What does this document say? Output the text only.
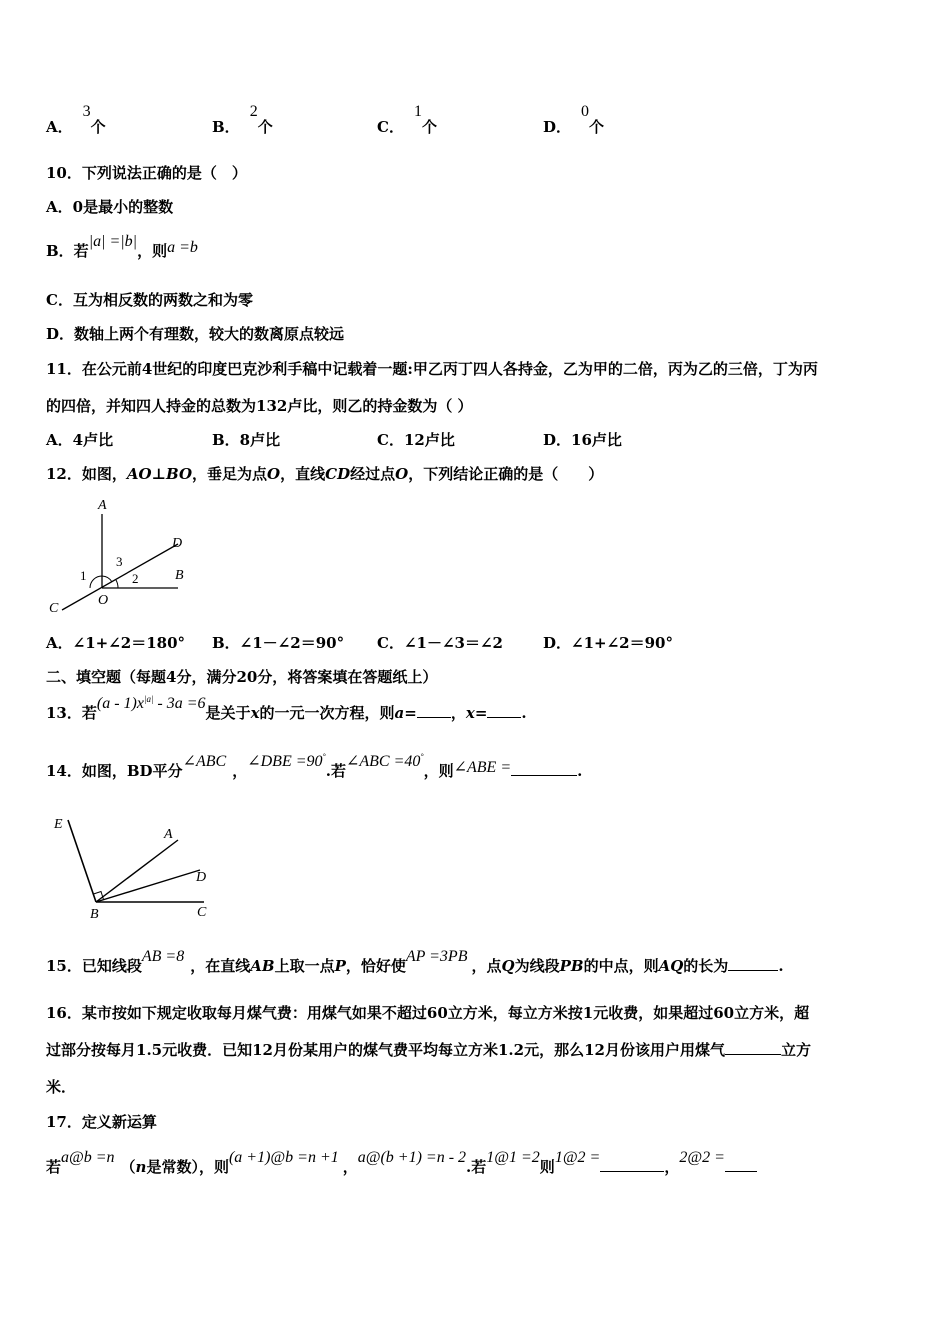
A．3个	B．2个	C．1个	D．0个
10．下列说法正确的是（　）
A．0是最小的整数
B．若|a| =|b|，则a =b
C．互为相反数的两数之和为零
D．数轴上两个有理数，较大的数离原点较远
11．在公元前4世纪的印度巴克沙利手稿中记载着一题:甲乙丙丁四人各持金，乙为甲的二倍，丙为乙的三倍，丁为丙
的四倍，并知四人持金的总数为132卢比，则乙的持金数为（ ）
A．4卢比	B．8卢比	C．12卢比	D．16卢比
12．如图，AO⊥BO，垂足为点O，直线CD经过点O，下列结论正确的是（　　）
A
B
C
D
O
1	2
3
A．∠1+∠2＝180° B．∠1－∠2＝90° C．∠1－∠3＝∠2	D．∠1+∠2＝90°
二、填空题（每题4分，满分20分，将答案填在答题纸上）
13．若$(a - 1)x^{|a|} - 3a =6$是关于x的一元一次方程，则a= ，x= .
14．如图，BD平分∠ABC，∠DBE =90°.若∠ABC =40°，则∠ABE =	.
E
A
D
B	C
15．已知线段AB =8，在直线AB上取一点P，恰好使AP =3PB，点Q为线段PB的中点，则AQ的长为	.
16．某市按如下规定收取每月煤气费：用煤气如果不超过60立方米，每立方米按1元收费，如果超过60立方米，超
过部分按每月1.5元收费．已知12月份某用户的煤气费平均每立方米1.2元，那么12月份该用户用煤气	立方
米．
17．定义新运算
若a@b =n（n是常数），则(a +1)@b =n +1，a@(b +1) =n - 2.若1@1 =2则1@2 =，2@2 =
